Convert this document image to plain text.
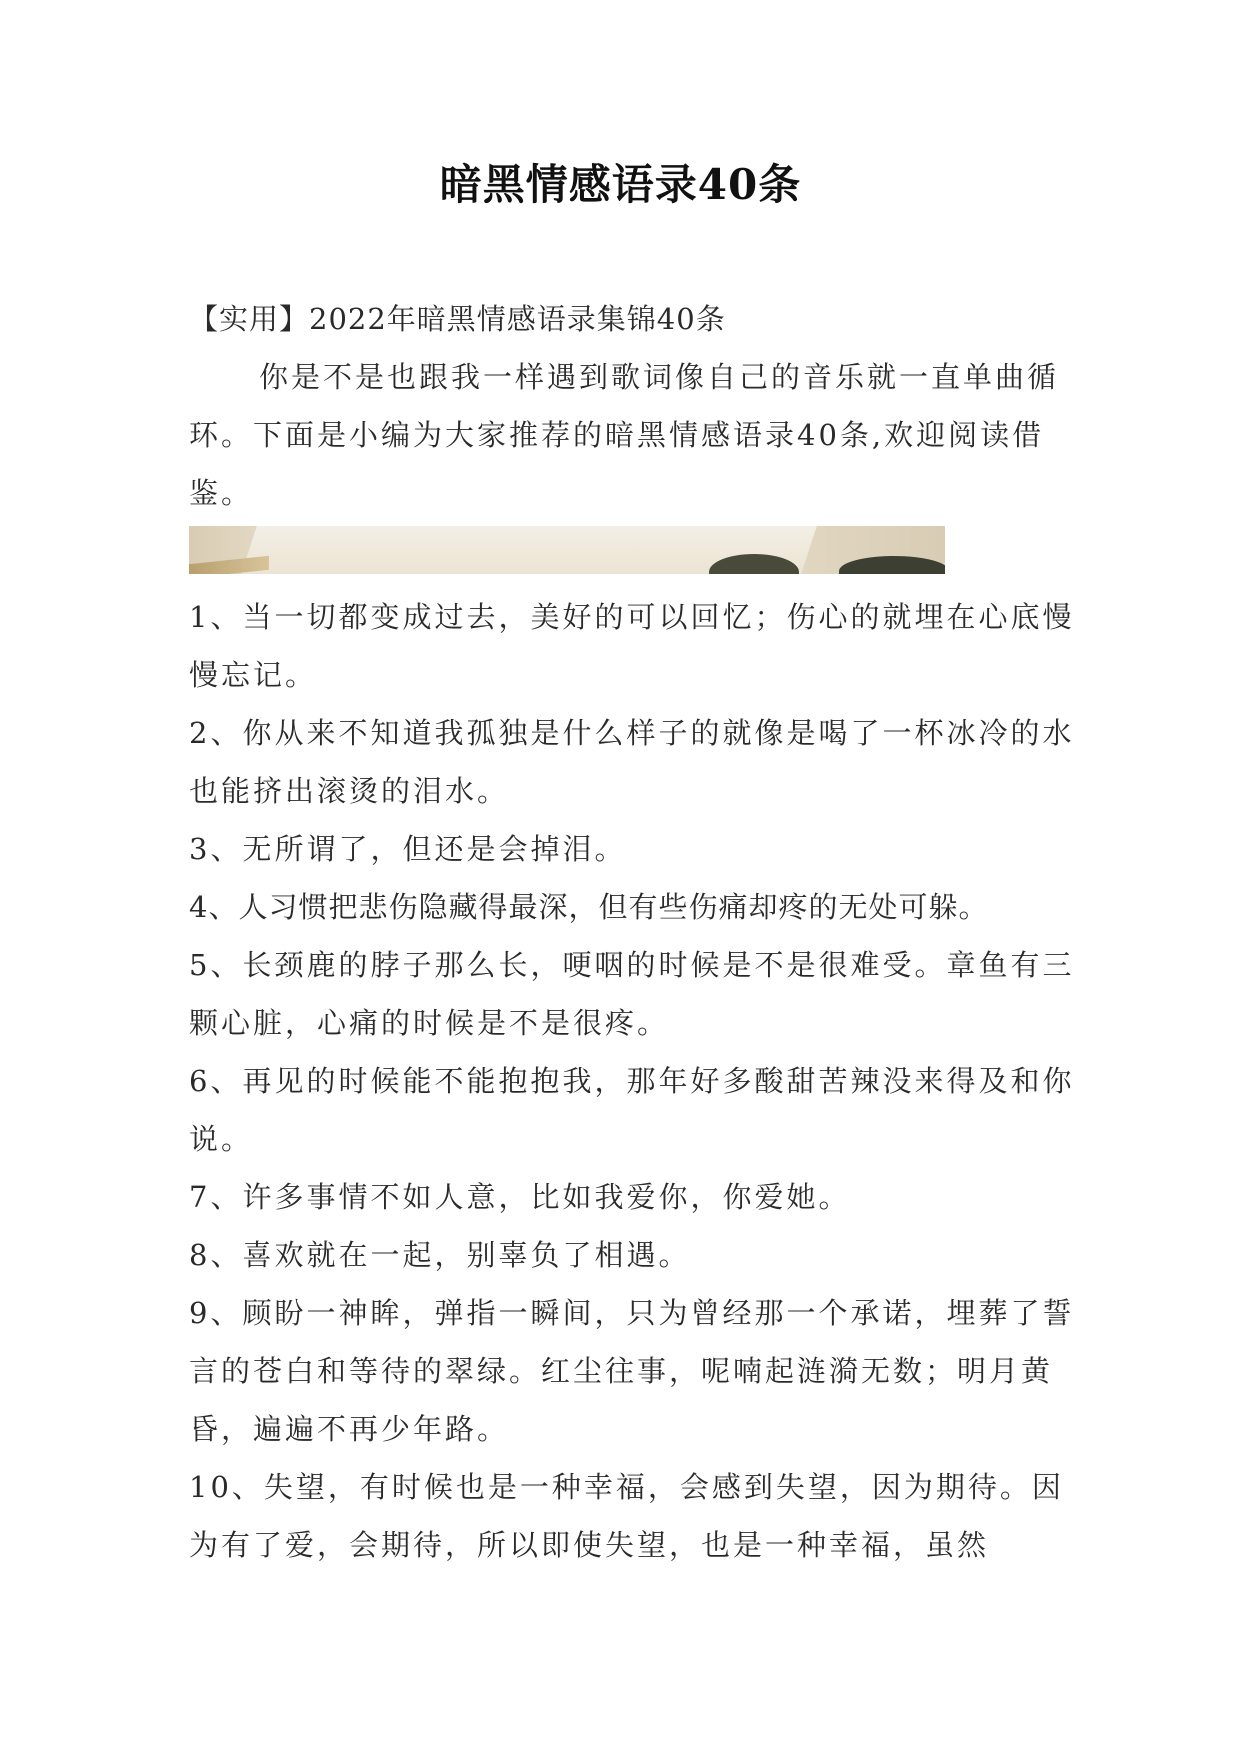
暗黑情感语录40条

【实用】2022年暗黑情感语录集锦40条

你是不是也跟我一样遇到歌词像自己的音乐就一直单曲循环。下面是小编为大家推荐的暗黑情感语录40条,欢迎阅读借鉴。

1、当一切都变成过去，美好的可以回忆；伤心的就埋在心底慢慢忘记。

2、你从来不知道我孤独是什么样子的就像是喝了一杯冰冷的水也能挤出滚烫的泪水。

3、无所谓了，但还是会掉泪。

4、人习惯把悲伤隐藏得最深，但有些伤痛却疼的无处可躲。

5、长颈鹿的脖子那么长，哽咽的时候是不是很难受。章鱼有三颗心脏，心痛的时候是不是很疼。

6、再见的时候能不能抱抱我，那年好多酸甜苦辣没来得及和你说。

7、许多事情不如人意，比如我爱你，你爱她。

8、喜欢就在一起，别辜负了相遇。

9、顾盼一神眸，弹指一瞬间，只为曾经那一个承诺，埋葬了誓言的苍白和等待的翠绿。红尘往事，呢喃起涟漪无数；明月黄昏，遍遍不再少年路。

10、失望，有时候也是一种幸福，会感到失望，因为期待。因为有了爱，会期待，所以即使失望，也是一种幸福，虽然
